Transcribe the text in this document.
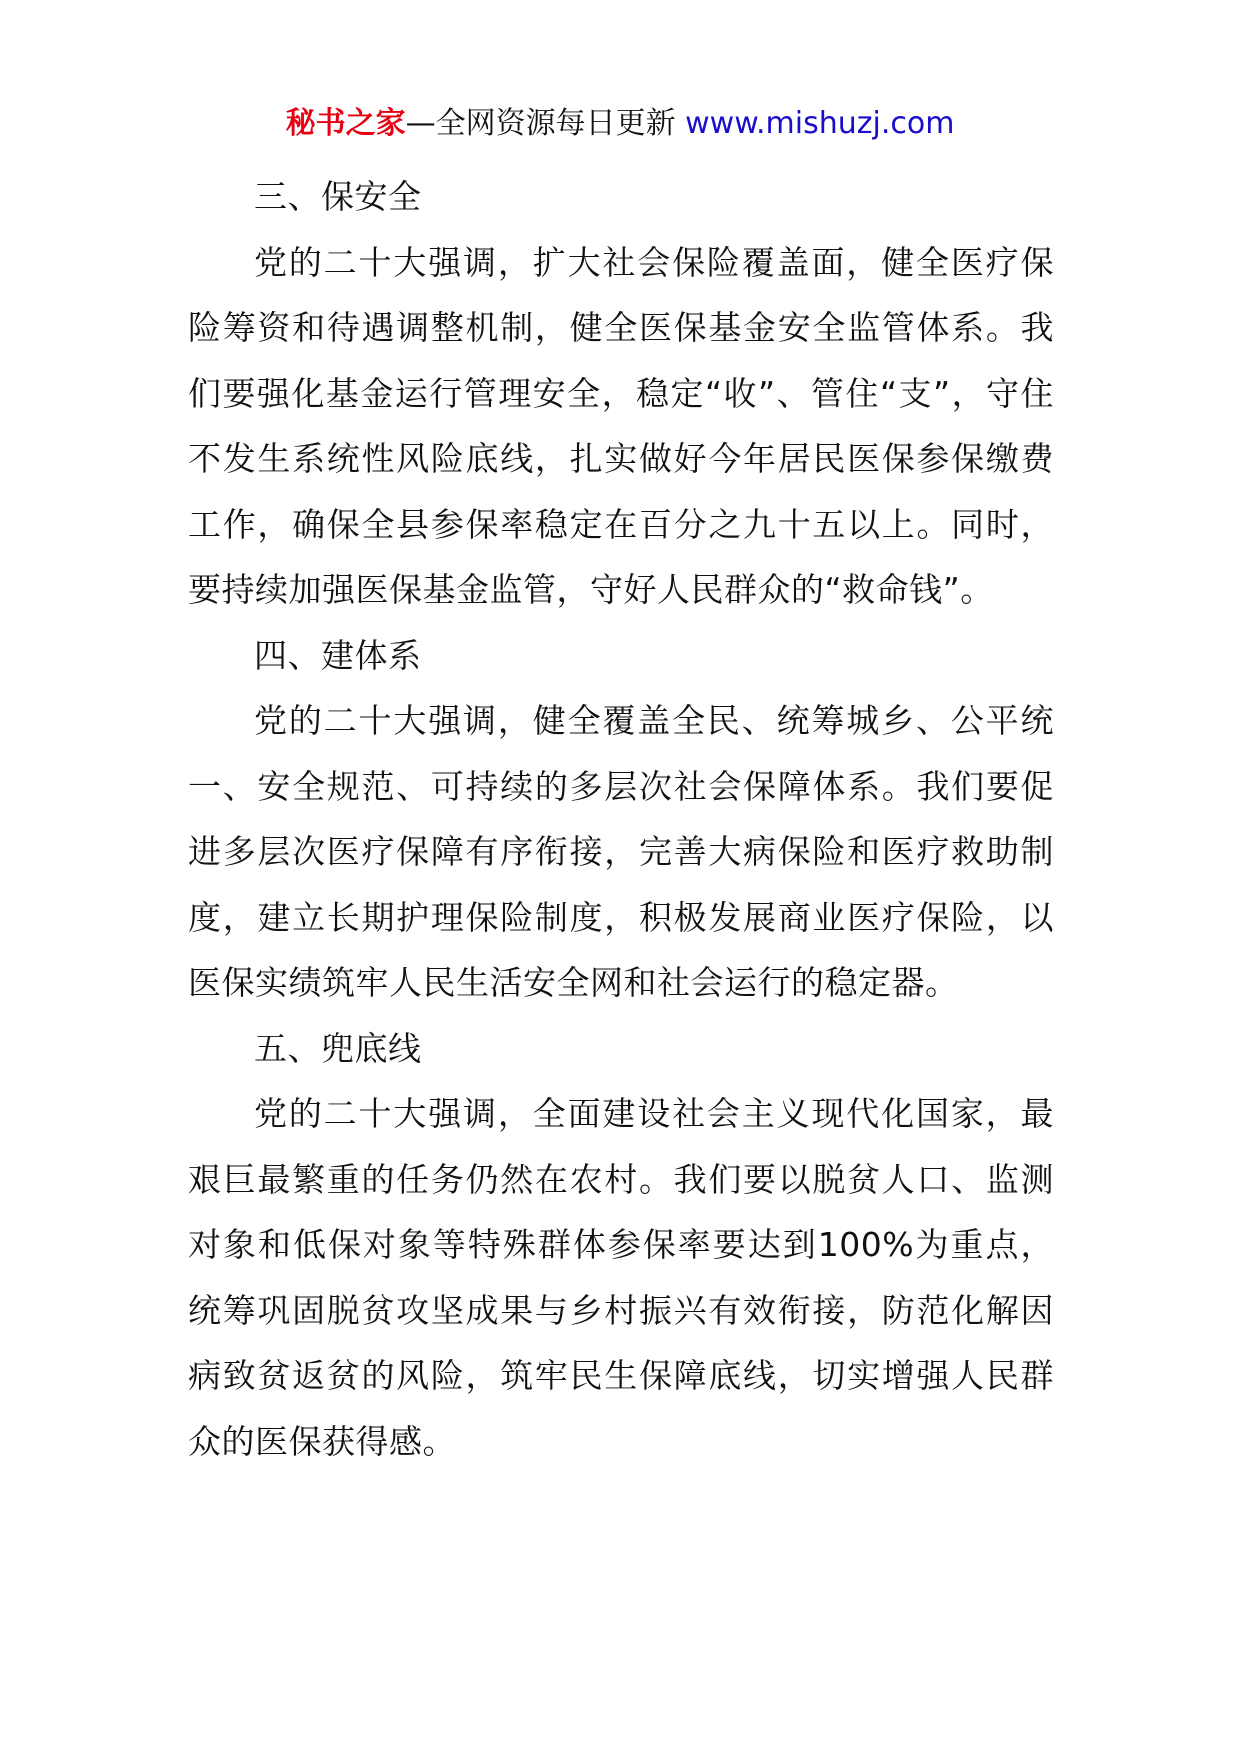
秘书之家—全网资源每日更新 www.mishuzj.com

三、保安全

党的二十大强调，扩大社会保险覆盖面，健全医疗保险筹资和待遇调整机制，健全医保基金安全监管体系。我们要强化基金运行管理安全，稳定“收”、管住“支”，守住不发生系统性风险底线，扎实做好今年居民医保参保缴费工作，确保全县参保率稳定在百分之九十五以上。同时，要持续加强医保基金监管，守好人民群众的“救命钱”。

四、建体系

党的二十大强调，健全覆盖全民、统筹城乡、公平统一、安全规范、可持续的多层次社会保障体系。我们要促进多层次医疗保障有序衔接，完善大病保险和医疗救助制度，建立长期护理保险制度，积极发展商业医疗保险，以医保实绩筑牢人民生活安全网和社会运行的稳定器。

五、兜底线

党的二十大强调，全面建设社会主义现代化国家，最艰巨最繁重的任务仍然在农村。我们要以脱贫人口、监测对象和低保对象等特殊群体参保率要达到100%为重点，统筹巩固脱贫攻坚成果与乡村振兴有效衔接，防范化解因病致贫返贫的风险，筑牢民生保障底线，切实增强人民群众的医保获得感。
